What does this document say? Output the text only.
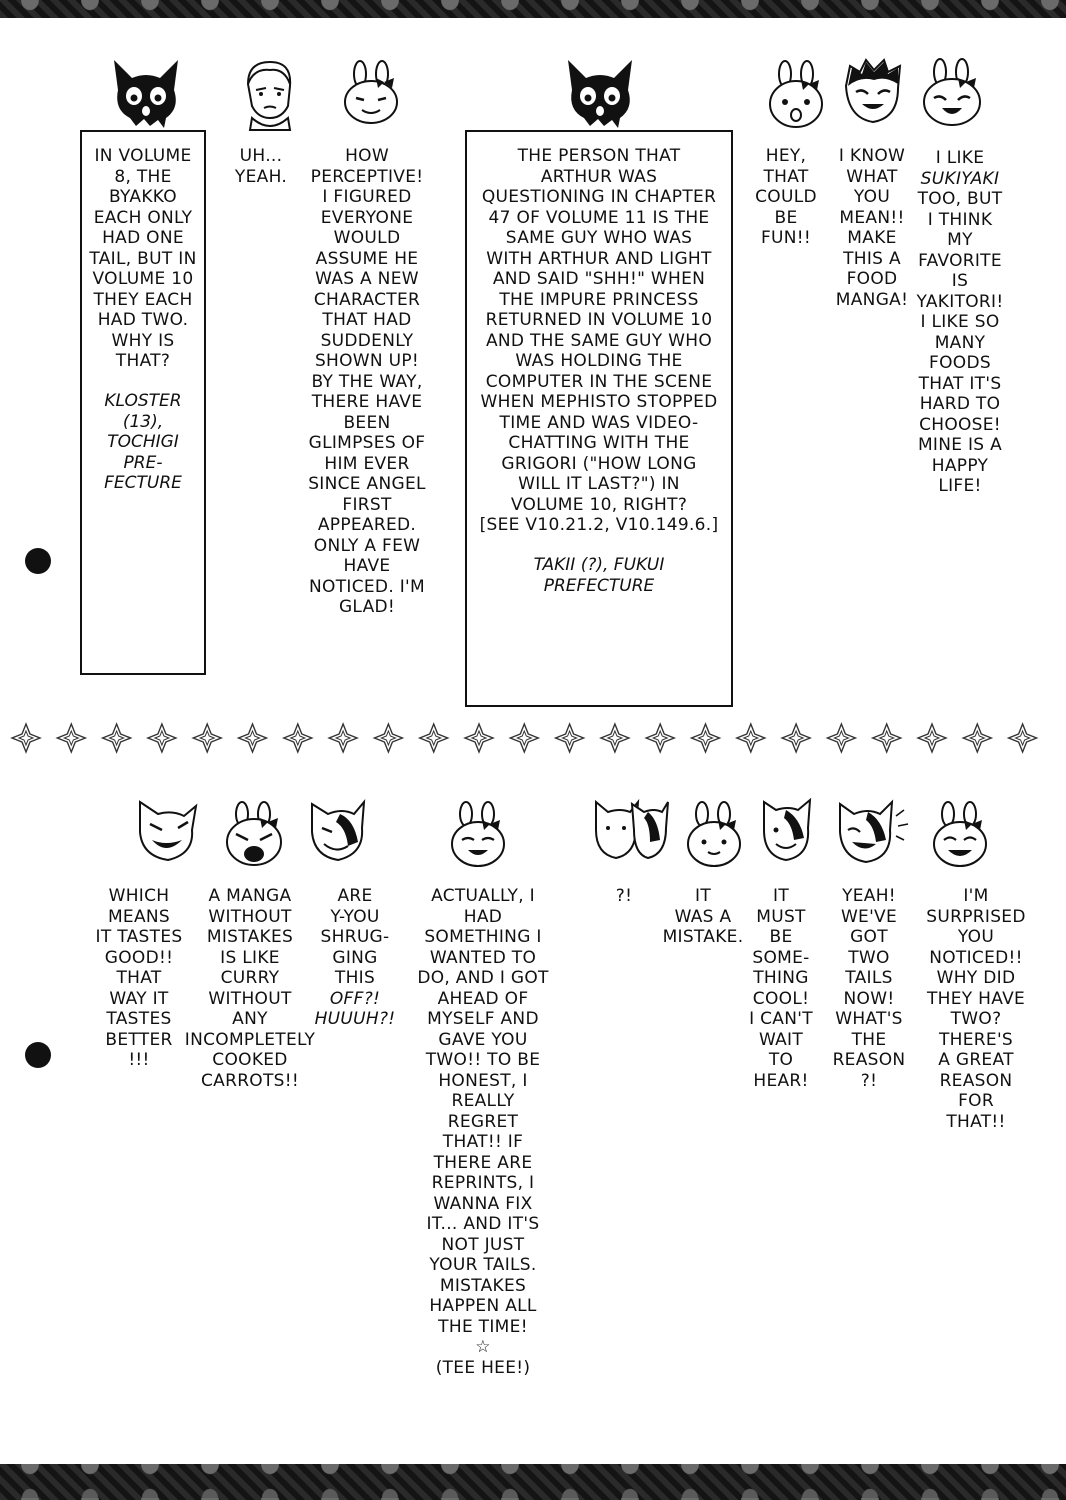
IN VOLUME
8, THE
BYAKKO
EACH ONLY
HAD ONE
TAIL, BUT IN
VOLUME 10
THEY EACH
HAD TWO.
WHY IS
THAT?
KLOSTER
(13),
TOCHIGI
PRE-
FECTURE
UH...
YEAH.
HOW
PERCEPTIVE!
I FIGURED
EVERYONE
WOULD
ASSUME HE
WAS A NEW
CHARACTER
THAT HAD
SUDDENLY
SHOWN UP!
BY THE WAY,
THERE HAVE
BEEN
GLIMPSES OF
HIM EVER
SINCE ANGEL
FIRST
APPEARED.
ONLY A FEW
HAVE
NOTICED. I'M
GLAD!
THE PERSON THAT
ARTHUR WAS
QUESTIONING IN CHAPTER
47 OF VOLUME 11 IS THE
SAME GUY WHO WAS
WITH ARTHUR AND LIGHT
AND SAID "SHH!" WHEN
THE IMPURE PRINCESS
RETURNED IN VOLUME 10
AND THE SAME GUY WHO
WAS HOLDING THE
COMPUTER IN THE SCENE
WHEN MEPHISTO STOPPED
TIME AND WAS VIDEO-
CHATTING WITH THE
GRIGORI ("HOW LONG
WILL IT LAST?") IN
VOLUME 10, RIGHT?
[SEE V10.21.2, V10.149.6.]
TAKII (?), FUKUI
PREFECTURE
HEY,
THAT
COULD
BE
FUN!!
I KNOW
WHAT
YOU
MEAN!!
MAKE
THIS A
FOOD
MANGA!
I LIKE
SUKIYAKI
TOO, BUT
I THINK
MY
FAVORITE
IS
YAKITORI!
I LIKE SO
MANY
FOODS
THAT IT'S
HARD TO
CHOOSE!
MINE IS A
HAPPY
LIFE!
WHICH
MEANS
IT TASTES
GOOD!!
THAT
WAY IT
TASTES
BETTER
!!!
A MANGA
WITHOUT
MISTAKES
IS LIKE
CURRY
WITHOUT
ANY
INCOMPLETELY
COOKED
CARROTS!!
ARE
Y-YOU
SHRUG-
GING
THIS
OFF?!
HUUUH?!
ACTUALLY, I
HAD
SOMETHING I
WANTED TO
DO, AND I GOT
AHEAD OF
MYSELF AND
GAVE YOU
TWO!! TO BE
HONEST, I
REALLY
REGRET
THAT!! IF
THERE ARE
REPRINTS, I
WANNA FIX
IT... AND IT'S
NOT JUST
YOUR TAILS.
MISTAKES
HAPPEN ALL
THE TIME!
☆
(TEE HEE!)
?!	IT
WAS A
MISTAKE.
IT
MUST
BE
SOME-
THING
COOL!
I CAN'T
WAIT
TO
HEAR!
YEAH!
WE'VE
GOT
TWO
TAILS
NOW!
WHAT'S
THE
REASON
?!
I'M
SURPRISED
YOU
NOTICED!!
WHY DID
THEY HAVE
TWO?
THERE'S
A GREAT
REASON
FOR
THAT!!
